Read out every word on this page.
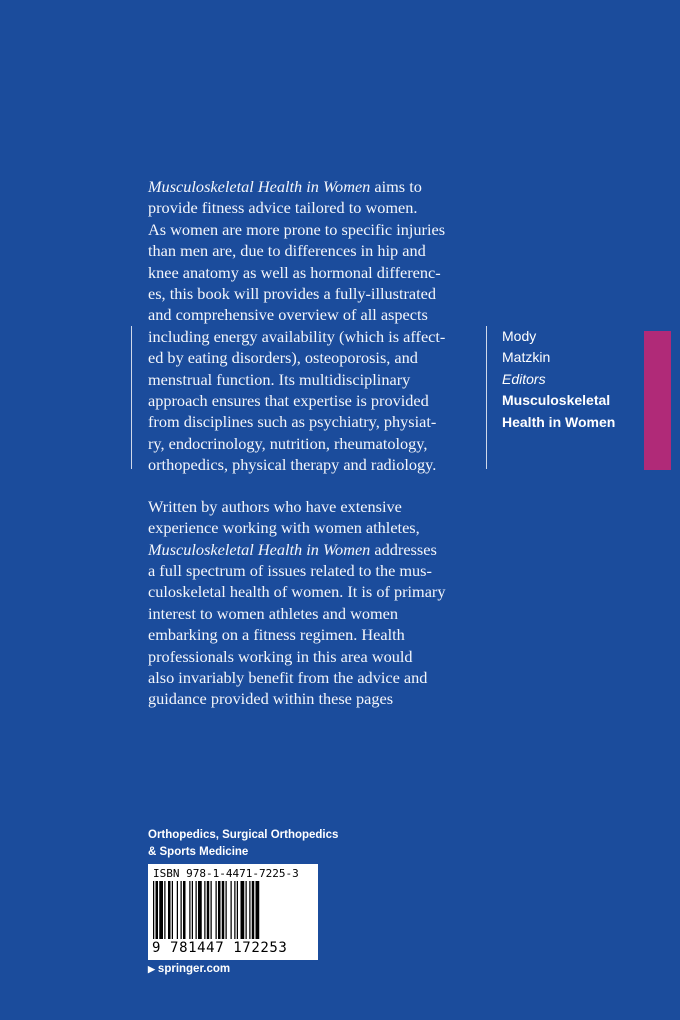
Musculoskeletal Health in Women aims to
provide fitness advice tailored to women.
As women are more prone to specific injuries
than men are, due to differences in hip and
knee anatomy as well as hormonal differenc-
es, this book will provides a fully-illustrated
and comprehensive overview of all aspects
including energy availability (which is affect-
ed by eating disorders), osteoporosis, and
menstrual function. Its multidisciplinary
approach ensures that expertise is provided
from disciplines such as psychiatry, physiat-
ry, endocrinology, nutrition, rheumatology,
orthopedics, physical therapy and radiology.

Written by authors who have extensive
experience working with women athletes,
Musculoskeletal Health in Women addresses
a full spectrum of issues related to the mus-
culoskeletal health of women. It is of primary
interest to women athletes and women
embarking on a fitness regimen. Health
professionals working in this area would
also invariably benefit from the advice and
guidance provided within these pages

Mody
Matzkin
Editors
Musculoskeletal
Health in Women
Orthopedics, Surgical Orthopedics
& Sports Medicine
ISBN 978-1-4471-7225-3
9 781447 172253
▶ springer.com
